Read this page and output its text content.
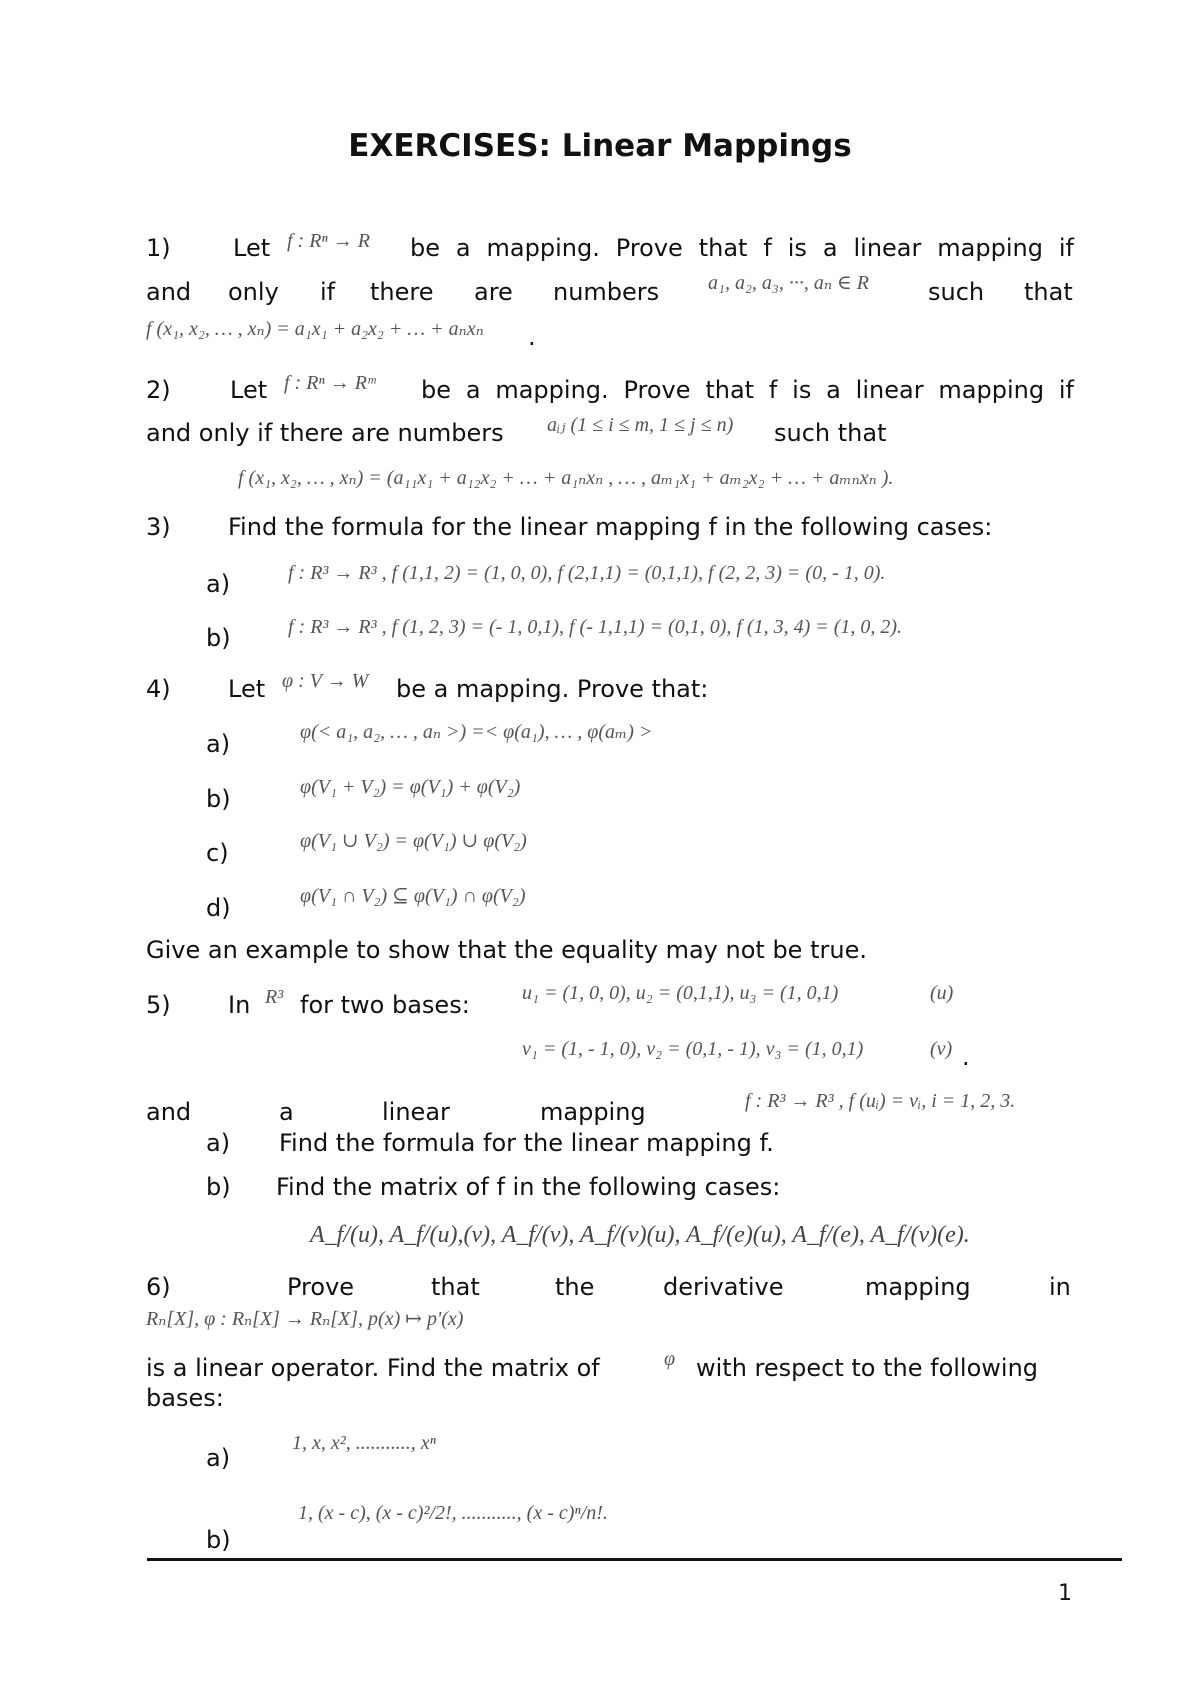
EXERCISES: Linear Mappings
1)	Let f : Rⁿ → R be a mapping. Prove that f is a linear mapping if
and only if there are numbers a₁, a₂, a₃, ···, aₙ ∈ R such that
f (x₁, x₂, … , xₙ) = a₁x₁ + a₂x₂ + … + aₙxₙ .
2) Let f : Rⁿ → Rᵐ be a mapping. Prove that f is a linear mapping if
and only if there are numbers aᵢⱼ (1 ≤ i ≤ m, 1 ≤ j ≤ n) such that
f (x₁, x₂, … , xₙ) = (a₁₁x₁ + a₁₂x₂ + … + a₁ₙxₙ , … , aₘ₁x₁ + aₘ₂x₂ + … + aₘₙxₙ ).
3) Find the formula for the linear mapping f in the following cases:
a)	f : R³ → R³ , f (1,1, 2) = (1, 0, 0), f (2,1,1) = (0,1,1), f (2, 2, 3) = (0, - 1, 0).
b)	f : R³ → R³ , f (1, 2, 3) = (- 1, 0,1), f (- 1,1,1) = (0,1, 0), f (1, 3, 4) = (1, 0, 2).
4) Let φ : V → W be a mapping. Prove that:
a)	φ(< a₁, a₂, … , aₙ >) =< φ(a₁), … , φ(aₘ) >
b)	φ(V₁ + V₂) = φ(V₁) + φ(V₂)
c)	φ(V₁ ∪ V₂) = φ(V₁) ∪ φ(V₂)
d)	φ(V₁ ∩ V₂) ⊆ φ(V₁) ∩ φ(V₂)
Give an example to show that the equality may not be true.
5) In R³ for two bases:	u₁ = (1, 0, 0), u₂ = (0,1,1), u₃ = (1, 0,1)	(u)
v₁ = (1, - 1, 0), v₂ = (0,1, - 1), v₃ = (1, 0,1)	(v) .
and	a	linear	mapping	f : R³ → R³ , f (uᵢ) = vᵢ, i = 1, 2, 3.
a) Find the formula for the linear mapping f.
b) Find the matrix of f in the following cases:
A_f/(u), A_f/(u),(v), A_f/(v), A_f/(v)(u), A_f/(e)(u), A_f/(e), A_f/(v)(e).
6)	Prove	that	the	derivative	mapping	in
Rₙ[X], φ : Rₙ[X] → Rₙ[X], p(x) ↦ p'(x)
is a linear operator. Find the matrix of	φ with respect to the following
bases:
a)
1, x, x², ..........., xⁿ
b)
1, (x - c), (x - c)²/2!, ..........., (x - c)ⁿ/n!.
1
